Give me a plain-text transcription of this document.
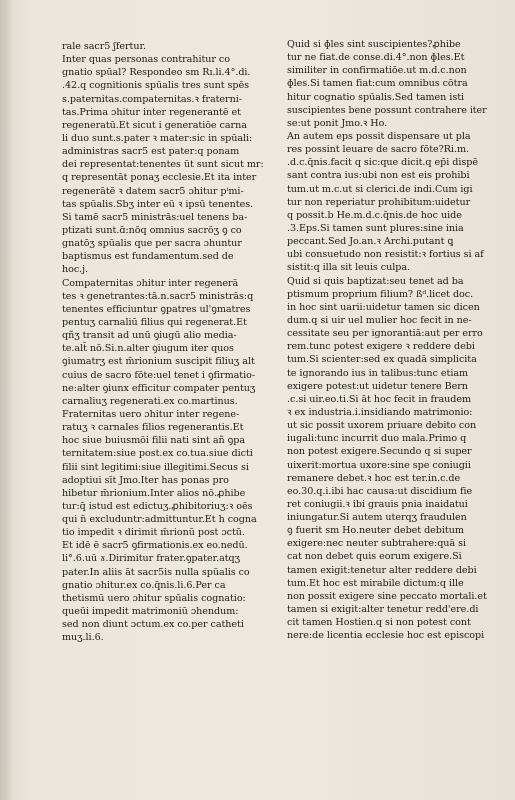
rale sacr5 ʃfertur.
Inter quas personas contrahitur co
gnatio spūal? Respondeo sm Rı.li.4°.di.
.42.q cognitionis spūalis tres sunt spēs
s.paternitas.compaternitas.ꝛ fraterni-
tas.Prima ɔhitur inter regenerantē et
regeneratū.Et sicut i generatiōe carna
li duo sunt.s.pater ꝛ mater:sic in spūali:
administras sacr5 est pater:q ponam
dei representat:tenentes ūt sunt sicut mr:
q representāt ponaʒ ecclesie.Et ita inter
regenerātē ꝛ datem sacr5 ɔhitur pⁱmi-
tas spūalis.Sbʒ inter eū ꝛ ipsū tenentes.
Si tamē sacr5 ministrās:uel tenens ba-
ptizati sunt.ɑ̄:nōq omnius sacrōʒ ꝯ co
gnatōʒ spūalis que per sacra ɔhuntur
baptismus est fundamentum.sed de
hoc.j.
Compaternitas ɔhitur inter regenerā
tes ꝛ genetrantes:tā.n.sacr5 ministrās:q
tenentes efficiuntur ꝯpatres ul'ꝯmatres
pentuʒ carnaliū filius qui regenerat.Et
qñʒ transit ad unū ꝯiugū alio media-
te.alt̄ nō.Si.n.alter ꝯiugum iter quos
ꝯiumatrʒ est m̄rionium suscipit filiuʒ alt
cuius de sacro fōte:uel tenet i ꝯfirmatio-
ne:alter ꝯiunx efficitur compater pentuʒ
carnaliuʒ regenerati.ex co.martinus.
Fraternitas uero ɔhitur inter regene-
ratuʒ ꝛ carnales filios regenerantis.Et
hoc siue buiusmōi filii nati sint añ ꝯpa
ternitatem:siue post.ex co.tua.siue dicti
filii sint legitimi:siue illegitimi.Secus si
adoptiui sīt Jmo.Iter has ponas pro
hibetur m̄rionium.Inter alios nō.ꝓhibe
tur:q̄ istud est edictuʒ.ꝓhibitoriuʒ:ꝛ oēs
qui n̄ excluduntr:admittuntur.Et h cogna
tio impedit ꝛ dirimit m̄rionū post ɔctū.
Et idē ē sacr5 ꝯfirmationis.ex eo.nedū.
li°.6.uū ɤ.Dirimitur frater.ꝯpater.atqʒ
pater.In aliis āt sacr5is nulla spūalis co
gnatio ɔhitur.ex co.q̄nis.li.6.Per ca
thetismū uero ɔhitur spūalis cognatio:
queūi impedit matrimoniū ɔhendum:
sed non diunt ɔctum.ex co.per catheti
muʒ.li.6.
Quid si ɸles sint suscipientes?ꝓhibe
tur ne fiat.de conse.di.4°.non ɸles.Et
similiter in confirmatiōe.ut m.d.c.non
ɸles.Si tamen fiat:cum omnibus cōtra
hitur cognatio spūalis.Sed tamen isti
suscipientes bene possunt contrahere iter
se:ut ponit Jmo.ꝛ Ho.
An autem eps possit dispensare ut pla
res possint leuare de sacro fōte?Ri.m.
.d.c.q̄nis.facit q sic:que dicit.q ep̄i dispē
sant contra ius:ubi non est eis prohibi
tum.ut m.c.ut si clerici.de indi.Cum igi
tur non reperiatur prohibitum:uidetur
q possit.b He.m.d.c.q̄nis.de hoc uide
.3.Eps.Si tamen sunt plures:sine inia
peccant.Sed Jo.an.ꝛ Archi.putant ꝗ
ubi consuetudo non resistit:ꝛ fortius si af
sistit:q illa sit leuis culpa.
Quid si quis baptizat:seu tenet ad ba
ptismum proprium filium? ßᵈ.licet doc.
in hoc sint uarii:uidetur tamen sic dicen
dum.q si uir uel mulier hoc fecit in ne-
cessitate seu per ignorantiā:aut per erro
rem.tunc potest exigere ꝛ reddere debi
tum.Si scienter:sed ex quadā simplicita
te ignorando ius in talibus:tunc etiam
exigere potest:ut uidetur tenere Bern
.c.si uir.eo.ti.Si āt hoc fecit in fraudem
ꝛ ex industria.i.insidiando matrimonio:
ut sic possit uxorem priuare debito con
iugali:tunc incurrit duo mala.Primo q
non potest exigere.Secundo q si super
uixerit:mortua uxore:sine spe coniugii
remanere debet.ꝛ hoc est ter.in.c.de
eo.30.q.i.ibi hac causa:ut discidium fie
ret coniugii.ꝛ ibi grauis pnia inaidatui
iniungatur.Si autem uterqʒ fraudulen
ꝯ fuerit sm Ho.neuter debet debitum
exigere:nec neuter subtrahere:quā si
cat non debet quis eorum exigere.Si
tamen exigit:tenetur alter reddere debi
tum.Et hoc est mirabile dictum:q ille
non possit exigere sine peccato mortali.et
tamen si exigit:alter tenetur redd'ere.di
cit tamen Hostien.q si non potest cont
nere:de licentia ecclesie hoc est episcopi
